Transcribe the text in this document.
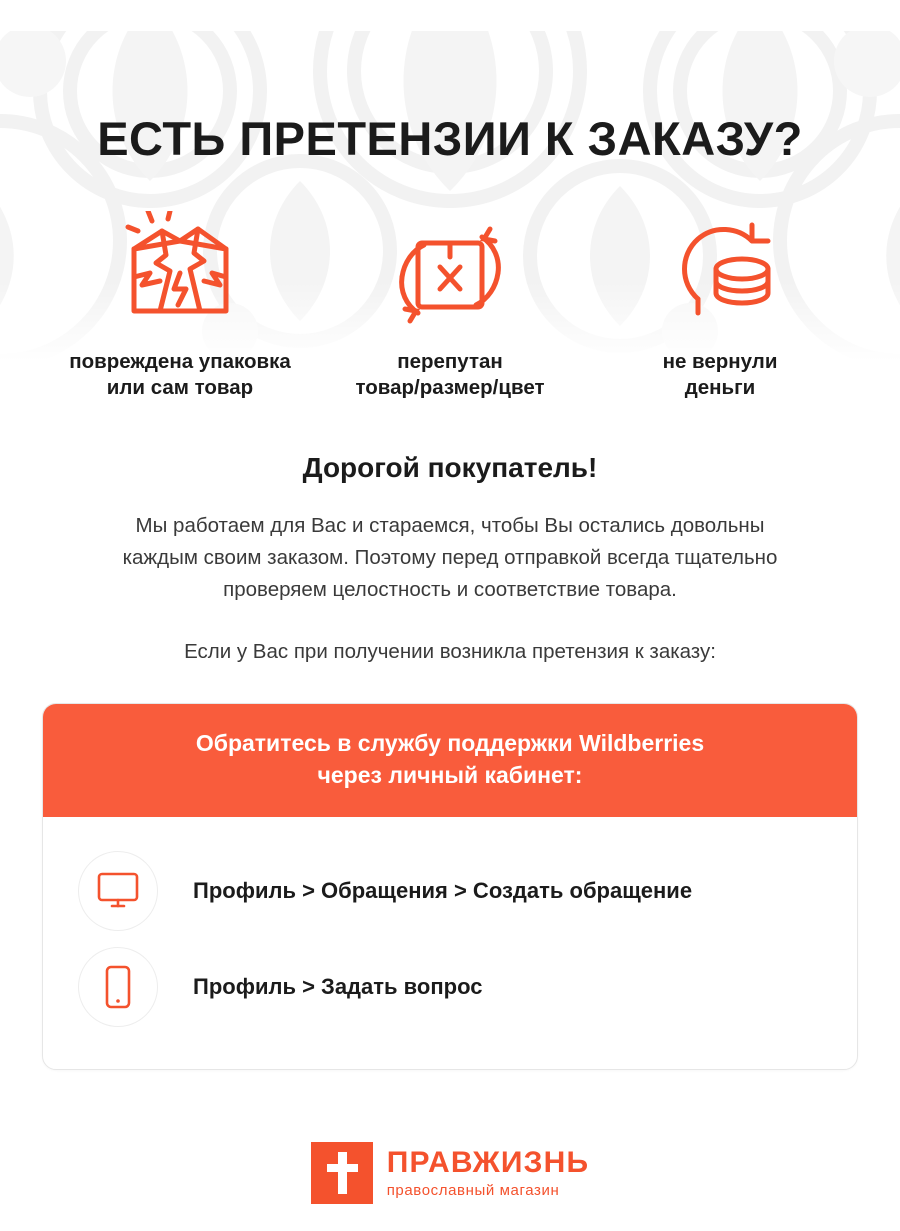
ЕСТЬ ПРЕТЕНЗИИ К ЗАКАЗУ?
повреждена упаковка
или сам товар
перепутан
товар/размер/цвет
не вернули
деньги
Дорогой покупатель!

Мы работаем для Вас и стараемся, чтобы Вы остались довольны каждым своим заказом. Поэтому перед отправкой всегда тщательно проверяем целостность и соответствие товара.

Если у Вас при получении возникла претензия к заказу:

Обратитесь в службу поддержки Wildberries
через личный кабинет:
Профиль > Обращения > Создать обращение
Профиль > Задать вопрос
ПРАВЖИЗНЬ
православный магазин
